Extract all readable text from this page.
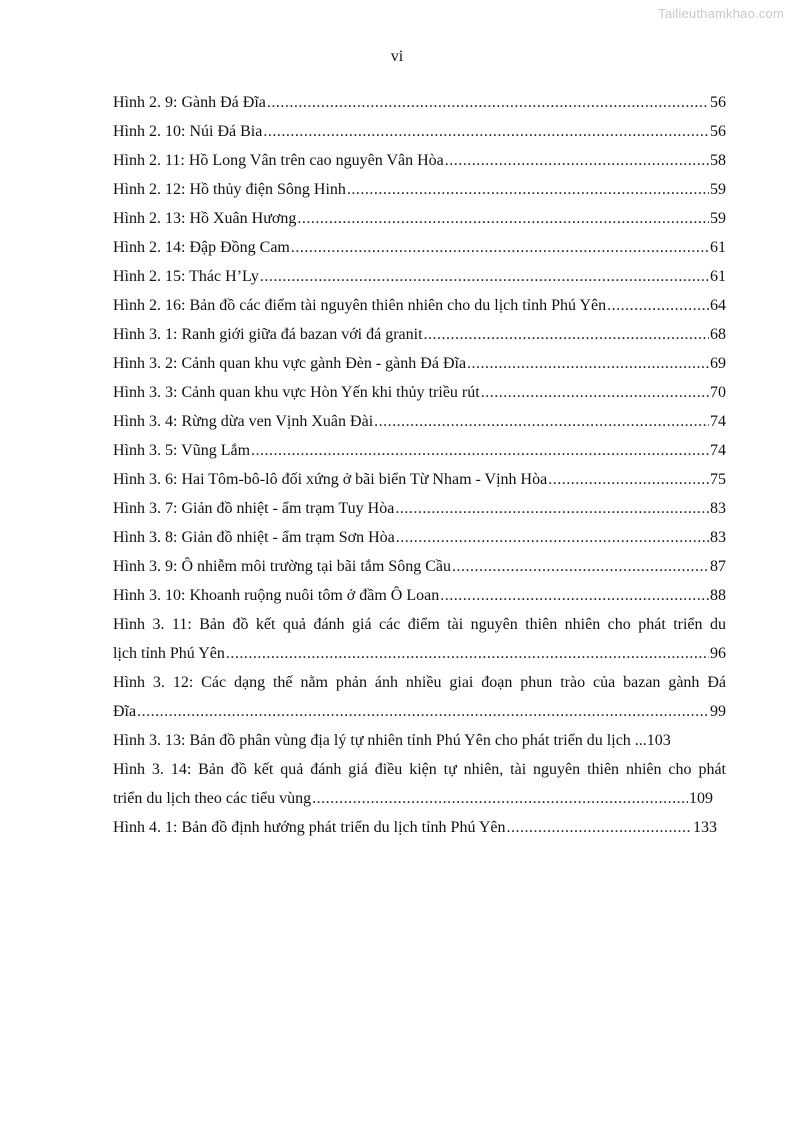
Tailieuthamkhao.com
vi
Hình 2. 9: Gành Đá Đĩa .....	56
Hình 2. 10: Núi Đá Bia .....	56
Hình 2. 11: Hồ Long Vân trên cao nguyên Vân Hòa .....	58
Hình 2. 12: Hồ thủy điện Sông Hinh .....	59
Hình 2. 13: Hồ Xuân Hương .....	59
Hình 2. 14: Đập Đồng Cam .....	61
Hình 2. 15: Thác H’Ly .....	61
Hình 2. 16: Bản đồ các điểm tài nguyên thiên nhiên cho du lịch tỉnh Phú Yên .....	64
Hình 3. 1: Ranh giới giữa đá bazan với đá granit .....	68
Hình 3. 2: Cảnh quan khu vực gành Đèn - gành Đá Đĩa .....	69
Hình 3. 3: Cảnh quan khu vực Hòn Yến khi thủy triều rút .....	70
Hình 3. 4: Rừng dừa ven Vịnh Xuân Đài .....	74
Hình 3. 5: Vũng Lắm .....	74
Hình 3. 6: Hai Tôm-bô-lô đối xứng ở bãi biển Từ Nham - Vịnh Hòa .....	75
Hình 3. 7: Giản đồ nhiệt - ẩm trạm Tuy Hòa .....	83
Hình 3. 8: Giản đồ nhiệt - ẩm trạm Sơn Hòa .....	83
Hình 3. 9: Ô nhiễm môi trường tại bãi tắm Sông Cầu .....	87
Hình 3. 10: Khoanh ruộng nuôi tôm ở đầm Ô Loan .....	88
Hình 3. 11: Bản đồ kết quả đánh giá các điểm tài nguyên thiên nhiên cho phát triển du
lịch tỉnh Phú Yên .....	96
Hình 3. 12: Các dạng thế nằm phản ánh nhiều giai đoạn phun trào của bazan gành Đá
Đĩa .....	99
Hình 3. 13: Bản đồ phân vùng địa lý tự nhiên tỉnh Phú Yên cho phát triển du lịch ... 103
Hình 3. 14: Bản đồ kết quả đánh giá điều kiện tự nhiên, tài nguyên thiên nhiên cho phát
triển du lịch theo các tiểu vùng .....	109
Hình 4. 1: Bản đồ định hướng phát triển du lịch tỉnh Phú Yên .....	133
